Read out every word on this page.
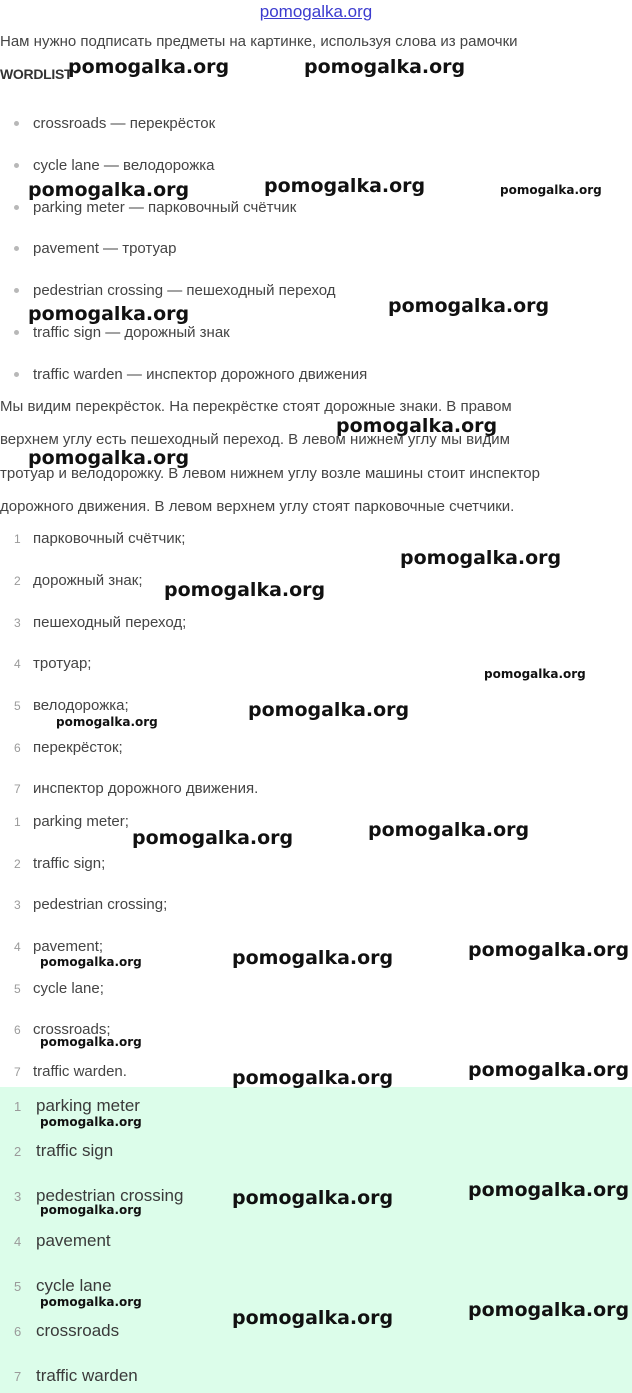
pomogalka.org
Нам нужно подписать предметы на картинке, используя слова из рамочки
WORDLIST
crossroads — перекрёсток
cycle lane — велодорожка
parking meter — парковочный счётчик
pavement — тротуар
pedestrian crossing — пешеходный переход
traffic sign — дорожный знак
traffic warden — инспектор дорожного движения
Мы видим перекрёсток. На перекрёстке стоят дорожные знаки. В правом
верхнем углу есть пешеходный переход. В левом нижнем углу мы видим
тротуар и велодорожку. В левом нижнем углу возле машины стоит инспектор
дорожного движения. В левом верхнем углу стоят парковочные счетчики.
1 парковочный счётчик;
2 дорожный знак;
3 пешеходный переход;
4 тротуар;
5 велодорожка;
6 перекрёсток;
7 инспектор дорожного движения.
1 parking meter;
2 traffic sign;
3 pedestrian crossing;
4 pavement;
5 cycle lane;
6 crossroads;
7 traffic warden.
1 parking meter
2 traffic sign
3 pedestrian crossing
4 pavement
5 cycle lane
6 crossroads
7 traffic warden
pomogalka.org	pomogalka.org
pomogalka.org	pomogalka.org	pomogalka.org
pomogalka.org
pomogalka.org
pomogalka.org
pomogalka.org
pomogalka.org
pomogalka.org
pomogalka.org
pomogalka.org
pomogalka.org
pomogalka.org
pomogalka.org
pomogalka.org
pomogalka.org
pomogalka.org
pomogalka.org
pomogalka.org
pomogalka.org
pomogalka.org
pomogalka.org
pomogalka.org
pomogalka.org
pomogalka.org	pomogalka.org
pomogalka.org
